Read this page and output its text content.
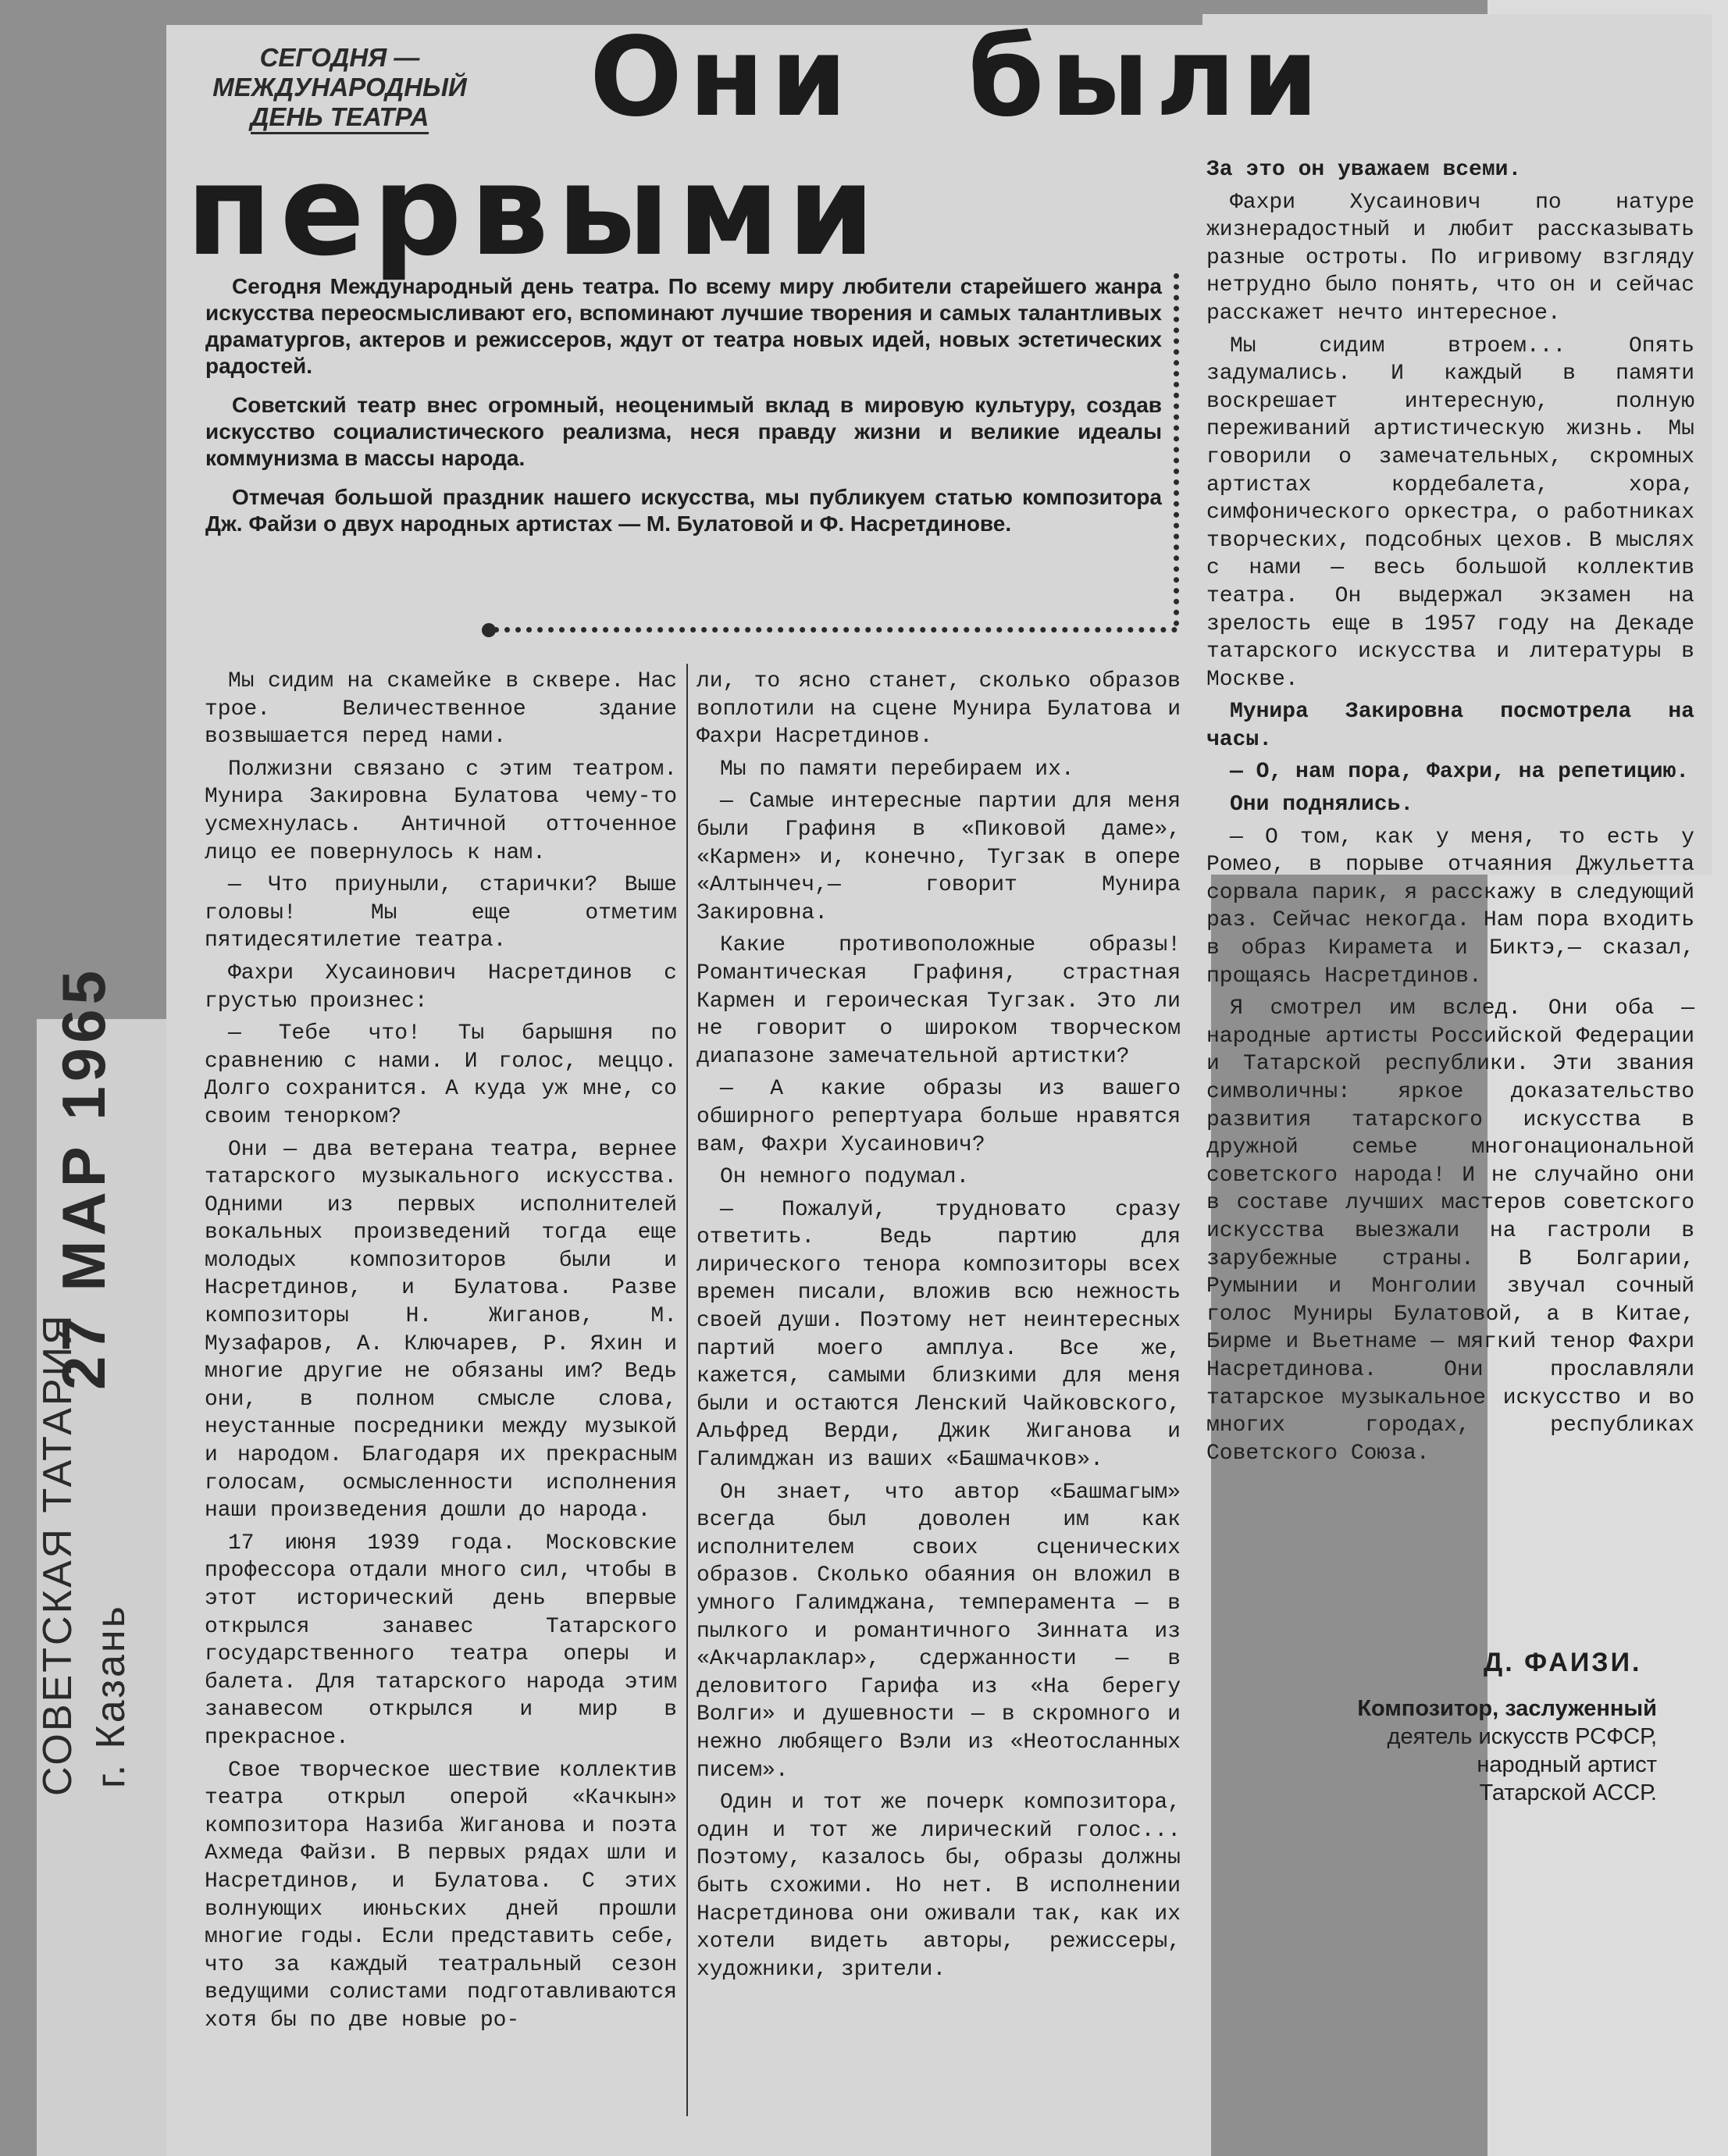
27 МАР 1965
СОВЕТСКАЯ ТАТАРИЯ г. Казань
СЕГОДНЯ —
МЕЖДУНАРОДНЫЙ
ДЕНЬ ТЕАТРА	Они были
первыми

Сегодня Международный день театра. По всему миру любители старейшего жанра искусства переосмысливают его, вспоминают лучшие творения и самых талантливых драматургов, актеров и режиссеров, ждут от театра новых идей, новых эстетических радостей.

Советский театр внес огромный, неоценимый вклад в мировую культуру, создав искусство социалистического реализма, неся правду жизни и великие идеалы коммунизма в массы народа.

Отмечая большой праздник нашего искусства, мы публикуем статью композитора Дж. Файзи о двух народных артистах — М. Булатовой и Ф. Насретдинове.

Мы сидим на скамейке в сквере. Нас трое. Величественное здание возвышается перед нами.

Полжизни связано с этим театром. Мунира Закировна Булатова чему-то усмехнулась. Античной отточенное лицо ее повернулось к нам.

— Что приуныли, старички? Выше головы! Мы еще отметим пятидесятилетие театра.

Фахри Хусаинович Насретдинов с грустью произнес:

— Тебе что! Ты барышня по сравнению с нами. И голос, меццо. Долго сохранится. А куда уж мне, со своим тенорком?

Они — два ветерана театра, вернее татарского музыкального искусства. Одними из первых исполнителей вокальных произведений тогда еще молодых композиторов были и Насретдинов, и Булатова. Разве композиторы Н. Жиганов, М. Музафаров, А. Ключарев, Р. Яхин и многие другие не обязаны им? Ведь они, в полном смысле слова, неустанные посредники между музыкой и народом. Благодаря их прекрасным голосам, осмысленности исполнения наши произведения дошли до народа.

17 июня 1939 года. Московские профессора отдали много сил, чтобы в этот исторический день впервые открылся занавес Татарского государственного театра оперы и балета. Для татарского народа этим занавесом открылся и мир в прекрасное.

Свое творческое шествие коллектив театра открыл оперой «Качкын» композитора Назиба Жиганова и поэта Ахмеда Файзи. В первых рядах шли и Насретдинов, и Булатова. С этих волнующих июньских дней прошли многие годы. Если представить себе, что за каждый театральный сезон ведущими солистами подготавливаются хотя бы по две новые ро-

ли, то ясно станет, сколько образов воплотили на сцене Мунира Булатова и Фахри Насретдинов.

Мы по памяти перебираем их.

— Самые интересные партии для меня были Графиня в «Пиковой даме», «Кармен» и, конечно, Тугзак в опере «Алтынчеч,— говорит Мунира Закировна.

Какие противоположные образы! Романтическая Графиня, страстная Кармен и героическая Тугзак. Это ли не говорит о широком творческом диапазоне замечательной артистки?

— А какие образы из вашего обширного репертуара больше нравятся вам, Фахри Хусаинович?

Он немного подумал.

— Пожалуй, трудновато сразу ответить. Ведь партию для лирического тенора композиторы всех времен писали, вложив всю нежность своей души. Поэтому нет неинтересных партий моего амплуа. Все же, кажется, самыми близкими для меня были и остаются Ленский Чайковского, Альфред Верди, Джик Жиганова и Галимджан из ваших «Башмачков».

Он знает, что автор «Башмагым» всегда был доволен им как исполнителем своих сценических образов. Сколько обаяния он вложил в умного Галимджана, темперамента — в пылкого и романтичного Зинната из «Акчарлаклар», сдержанности — в деловитого Гарифа из «На берегу Волги» и душевности — в скромного и нежно любящего Вэли из «Неотосланных писем».

Один и тот же почерк композитора, один и тот же лирический голос... Поэтому, казалось бы, образы должны быть схожими. Но нет. В исполнении Насретдинова они оживали так, как их хотели видеть авторы, режиссеры, художники, зрители.

За это он уважаем всеми.

Фахри Хусаинович по натуре жизнерадостный и любит рассказывать разные остроты. По игривому взгляду нетрудно было понять, что он и сейчас расскажет нечто интересное.

Мы сидим втроем... Опять задумались. И каждый в памяти воскрешает интересную, полную переживаний артистическую жизнь. Мы говорили о замечательных, скромных артистах кордебалета, хора, симфонического оркестра, о работниках творческих, подсобных цехов. В мыслях с нами — весь большой коллектив театра. Он выдержал экзамен на зрелость еще в 1957 году на Декаде татарского искусства и литературы в Москве.

Мунира Закировна посмотрела на часы.

— О, нам пора, Фахри, на репетицию.

Они поднялись.

— О том, как у меня, то есть у Ромео, в порыве отчаяния Джульетта сорвала парик, я расскажу в следующий раз. Сейчас некогда. Нам пора входить в образ Кирамета и Биктэ,— сказал, прощаясь Насретдинов.

Я смотрел им вслед. Они оба — народные артисты Российской Федерации и Татарской республики. Эти звания символичны: яркое доказательство развития татарского искусства в дружной семье многонациональной советского народа! И не случайно они в составе лучших мастеров советского искусства выезжали на гастроли в зарубежные страны. В Болгарии, Румынии и Монголии звучал сочный голос Муниры Булатовой, а в Китае, Бирме и Вьетнаме — мягкий тенор Фахри Насретдинова. Они прославляли татарское музыкальное искусство и во многих городах, республиках Советского Союза.

Д. ФАИЗИ.
Композитор, заслуженный
деятель искусств РСФСР,
народный артист
Татарской АССР.
